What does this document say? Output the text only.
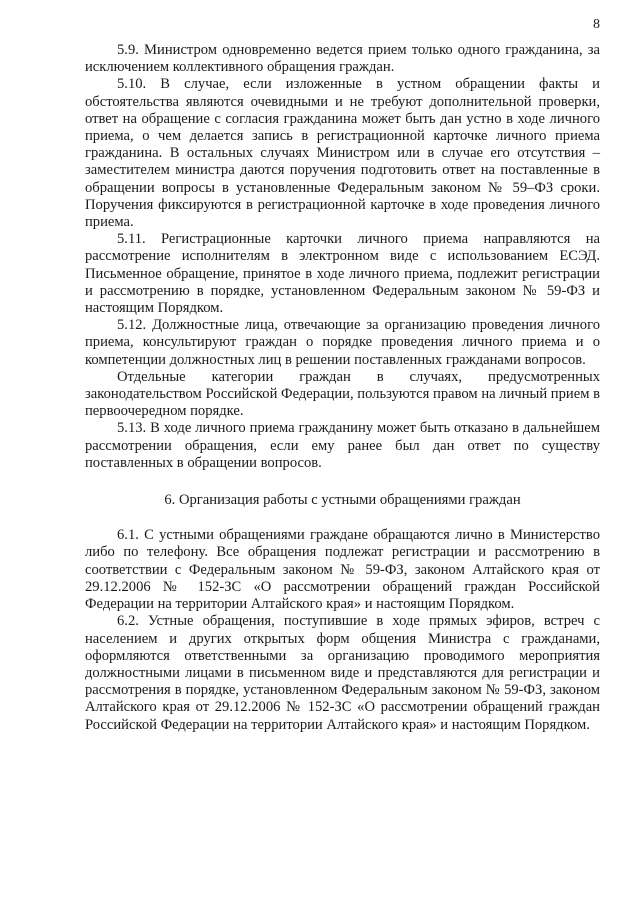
8

5.9. Министром одновременно ведется прием только одного гражданина, за исключением коллективного обращения граждан.

5.10. В случае, если изложенные в устном обращении факты и обстоятельства являются очевидными и не требуют дополнительной проверки, ответ на обращение с согласия гражданина может быть дан устно в ходе личного приема, о чем делается запись в регистрационной карточке личного приема гражданина. В остальных случаях Министром или в случае его отсутствия – заместителем министра даются поручения подготовить ответ на поставленные в обращении вопросы в установленные Федеральным законом № 59–ФЗ сроки. Поручения фиксируются в регистрационной карточке в ходе проведения личного приема.

5.11. Регистрационные карточки личного приема направляются на рассмотрение исполнителям в электронном виде с использованием ЕСЭД. Письменное обращение, принятое в ходе личного приема, подлежит регистрации и рассмотрению в порядке, установленном Федеральным законом № 59-ФЗ и настоящим Порядком.

5.12. Должностные лица, отвечающие за организацию проведения личного приема, консультируют граждан о порядке проведения личного приема и о компетенции должностных лиц в решении поставленных гражданами вопросов.

Отдельные категории граждан в случаях, предусмотренных законодательством Российской Федерации, пользуются правом на личный прием в первоочередном порядке.

5.13. В ходе личного приема гражданину может быть отказано в дальнейшем рассмотрении обращения, если ему ранее был дан ответ по существу поставленных в обращении вопросов.

6. Организация работы с устными обращениями граждан

6.1. С устными обращениями граждане обращаются лично в Министерство либо по телефону. Все обращения подлежат регистрации и рассмотрению в соответствии с Федеральным законом № 59-ФЗ, законом Алтайского края от 29.12.2006 № 152-ЗС «О рассмотрении обращений граждан Российской Федерации на территории Алтайского края» и настоящим Порядком.

6.2. Устные обращения, поступившие в ходе прямых эфиров, встреч с населением и других открытых форм общения Министра с гражданами, оформляются ответственными за организацию проводимого мероприятия должностными лицами в письменном виде и представляются для регистрации и рассмотрения в порядке, установленном Федеральным законом № 59-ФЗ, законом Алтайского края от 29.12.2006 № 152-ЗС «О рассмотрении обращений граждан Российской Федерации на территории Алтайского края» и настоящим Порядком.
